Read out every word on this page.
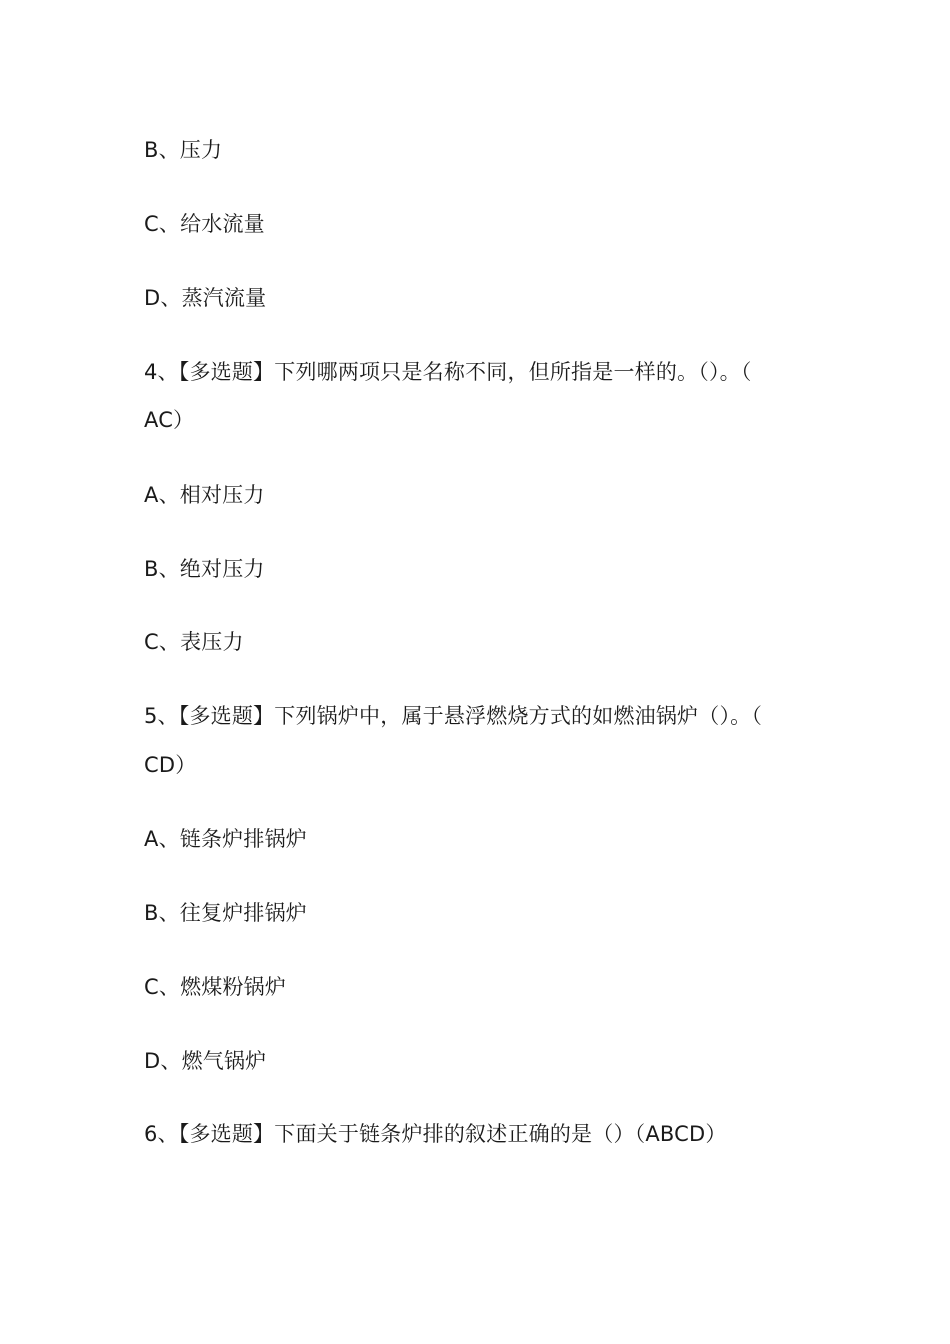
B、压力
C、给水流量
D、蒸汽流量
4、【多选题】下列哪两项只是名称不同，但所指是一样的。（）。（
AC）
A、相对压力
B、绝对压力
C、表压力
5、【多选题】下列锅炉中，属于悬浮燃烧方式的如燃油锅炉（）。（
CD）
A、链条炉排锅炉
B、往复炉排锅炉
C、燃煤粉锅炉
D、燃气锅炉
6、【多选题】下面关于链条炉排的叙述正确的是（）（ABCD）
